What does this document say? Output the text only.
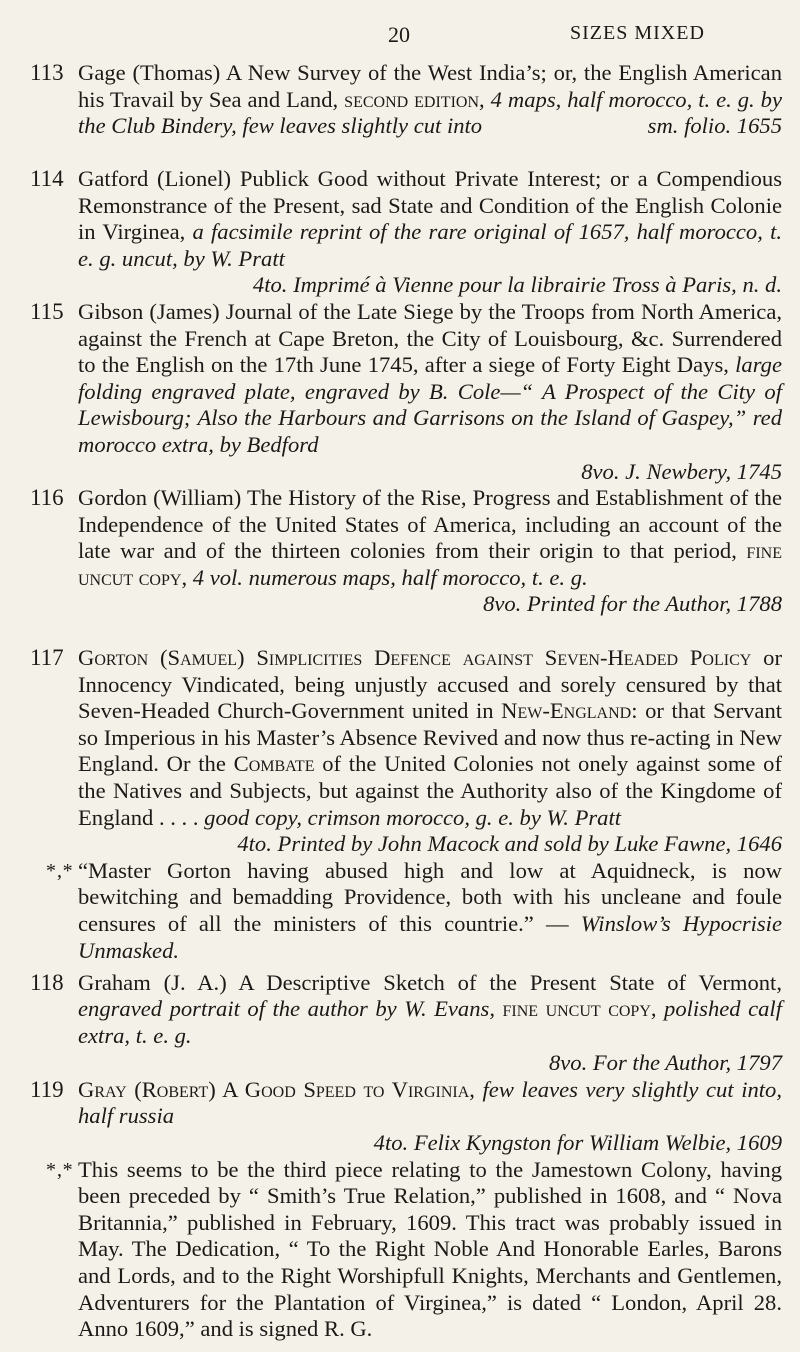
20	SIZES MIXED
113 Gage (Thomas) A New Survey of the West India’s; or, the English American his Travail by Sea and Land, second edition, 4 maps, half morocco, t. e. g. by the Club Bindery, few leaves slightly cut into	sm. folio. 1655
114 Gatford (Lionel) Publick Good without Private Interest; or a Compendious Remonstrance of the Present, sad State and Condition of the English Colonie in Virginea, a facsimile reprint of the rare original of 1657, half morocco, t. e. g. uncut, by W. Pratt
4to. Imprimé à Vienne pour la librairie Tross à Paris, n. d.
115 Gibson (James) Journal of the Late Siege by the Troops from North America, against the French at Cape Breton, the City of Louisbourg, &c. Surrendered to the English on the 17th June 1745, after a siege of Forty Eight Days, large folding engraved plate, engraved by B. Cole—“ A Prospect of the City of Lewisbourg; Also the Harbours and Garrisons on the Island of Gaspey,” red morocco extra, by Bedford
8vo. J. Newbery, 1745
116 Gordon (William) The History of the Rise, Progress and Establishment of the Independence of the United States of America, including an account of the late war and of the thirteen colonies from their origin to that period, fine uncut copy, 4 vol. numerous maps, half morocco, t. e. g.
8vo. Printed for the Author, 1788
117 Gorton (Samuel) Simplicities Defence against Seven-Headed Policy or Innocency Vindicated, being unjustly accused and sorely censured by that Seven-Headed Church-Government united in New-England: or that Servant so Imperious in his Master’s Absence Revived and now thus re-acting in New England. Or the Combate of the United Colonies not onely against some of the Natives and Subjects, but against the Authority also of the Kingdome of England . . . . good copy, crimson morocco, g. e. by W. Pratt
4to. Printed by John Macock and sold by Luke Fawne, 1646
*‚* “Master Gorton having abused high and low at Aquidneck, is now bewitching and bemadding Providence, both with his uncleane and foule censures of all the ministers of this countrie.” — Winslow’s Hypocrisie Unmasked.
118 Graham (J. A.) A Descriptive Sketch of the Present State of Vermont, engraved portrait of the author by W. Evans, fine uncut copy, polished calf extra, t. e. g.
8vo. For the Author, 1797
119 Gray (Robert) A Good Speed to Virginia, few leaves very slightly cut into, half russia
4to. Felix Kyngston for William Welbie, 1609
*‚* This seems to be the third piece relating to the Jamestown Colony, having been preceded by “ Smith’s True Relation,” published in 1608, and “ Nova Britannia,” published in February, 1609. This tract was probably issued in May. The Dedication, “ To the Right Noble And Honorable Earles, Barons and Lords, and to the Right Worshipfull Knights, Merchants and Gentlemen, Adventurers for the Plantation of Virginea,” is dated “ London, April 28. Anno 1609,” and is signed R. G.
